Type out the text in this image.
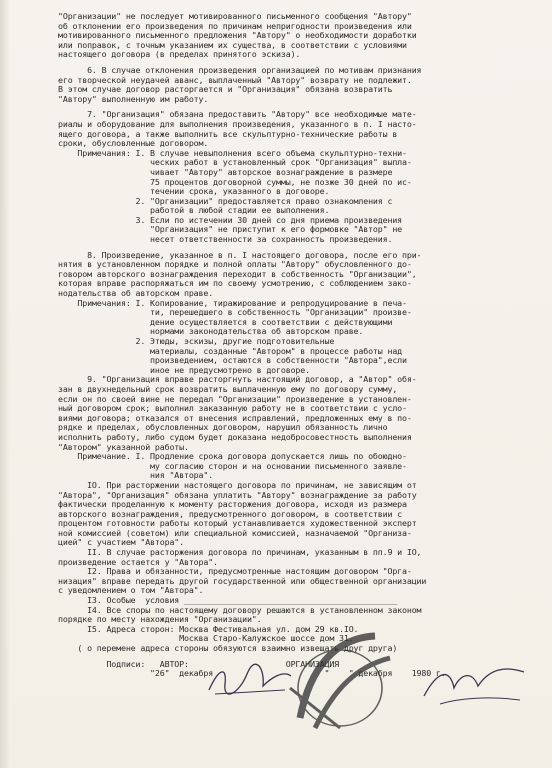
"Организации" не последует мотивированного письменного сообщения "Автору"
об отклонении его произведения по причинам непригодности произведения или
мотивированного письменного предложения "Автору" о необходимости доработки
или поправок, с точным указанием их существа, в соответствии с условиями
настоящего договора (в пределах принятого эскиза).
6. В случае отклонения произведения организацией по мотивам признания
его творческой неудачей аванс, выплаченный "Автору" возврату не подлежит.
В этом случае договор расторгается и "Организация" обязана возвратить
"Автору" выполненную им работу.
7. "Организация" обязана предоставить "Автору" все необходимые мате-
риалы и оборудование для выполнения произведения, указанного в п. I насто-
ящего договора, а также выполнить все скульптурно-технические работы в
сроки, обусловленные договором.
Примечания: I. В случае невыполнения всего объема скульптурно-техни-
ческих работ в установленный срок "Организация" выпла-
чивает "Автору" авторское вознаграждение в размере
75 процентов договорной суммы, не позже 30 дней по ис-
течении срока, указанного в договоре.
2. "Организации" предоставляется право ознакомления с
работой в любой стадии ее выполнения.
3. Если по истечении 30 дней со дня приема произведения
"Организация" не приступит к его формовке "Автор" не
несет ответственности за сохранность произведения.
8. Произведение, указанное в п. I настоящего договора, после его при-
нятия в установленном порядке и полной оплаты "Автору" обусловленного до-
говором авторского вознаграждения переходит в собственность "Организации",
которая вправе распоряжаться им по своему усмотрению, с соблюдением зако-
нодательства об авторском праве.
Примечания: I. Копирование, тиражирование и репродуцирование в печа-
ти, перешедшего в собственность "Организации" произве-
дение осуществляется в соответствии с действующими
нормами законодательства об авторском праве.
2. Этюды, эскизы, другие подготовительные
материалы, созданные "Автором" в процессе работы над
произведением, остаются в собственности "Автора",если
иное не предусмотрено в договоре.
9. "Организация вправе расторгнуть настоящий договор, а "Автор" обя-
зан в двухнедельный срок возвратить выплаченную ему по договору сумму,
если он по своей вине не передал "Организации" произведение в установлен-
ный договором срок; выполнил заказанную работу не в соответствии с усло-
виями договора; отказался от внесения исправлений, предложенных ему в по-
рядке и пределах, обусловленных договором, нарушил обязанность лично
исполнить работу, либо судом будет доказана недобросовестность выполнения
"Автором" указанной работы.
Примечание. I. Продление срока договора допускается лишь по обоюдно-
му согласию сторон и на основании письменного заявле-
ния "Автора".
IO. При расторжении настоящего договора по причинам, не зависящим от
"Автора", "Организация" обязана уплатить "Автору" вознаграждение за работу
фактически проделанную к моменту расторжения договора, исходя из размера
авторского вознаграждения, предусмотренного договором, в соответствии с
процентом готовности работы который устанавливается художественной эксперт
ной комиссией (советом) или специальной комиссией, назначаемой "Организа-
цией" с участием "Автора".
II. В случае расторжения договора по причинам, указанным в пп.9 и IO,
произведение остается у "Автора".
I2. Права и обязанности, предусмотренные настоящим договором "Орга-
низация" вправе передать другой государственной или общественной организации
с уведомлением о том "Автора".
I3. Особые  условия ____________________________________________
I4. Все споры по настоящему договору решаются в установленном законом
порядке по месту нахождения "Организации".
I5. Адреса сторон: Москва Фестивальная ул. дом 29 кв.IO.
Москва Старо-Калужское шоссе дом 31.
( о перемене адреса стороны обязуются взаимно извещать друг друга)
Подписи:   АВТОР:                    ОРГАНИЗАЦИЯ
"26"  декабря                       "    " декабря    1980 г.
